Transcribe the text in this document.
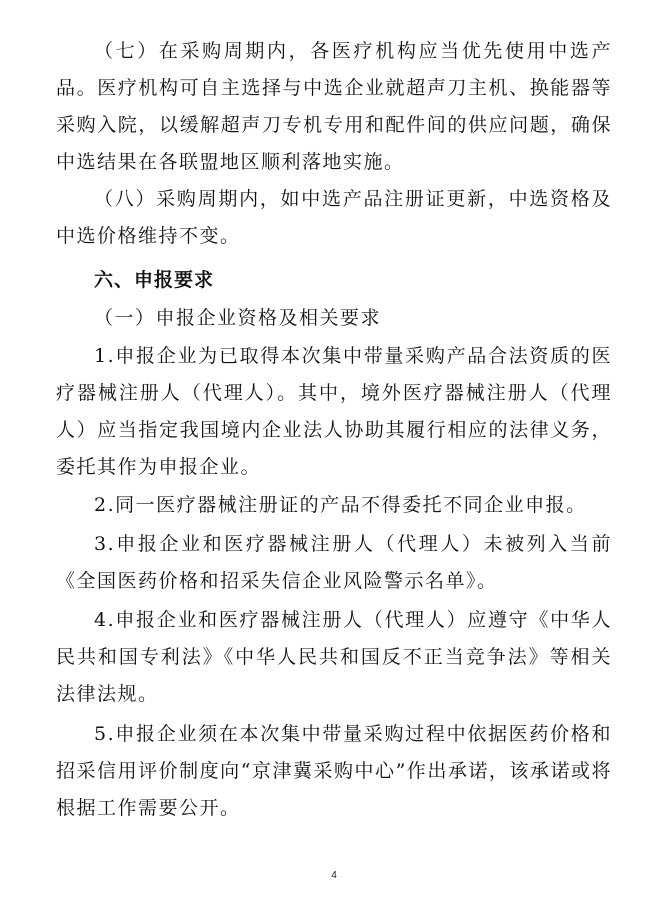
（七）在采购周期内，各医疗机构应当优先使用中选产品。医疗机构可自主选择与中选企业就超声刀主机、换能器等采购入院，以缓解超声刀专机专用和配件间的供应问题，确保中选结果在各联盟地区顺利落地实施。

（八）采购周期内，如中选产品注册证更新，中选资格及中选价格维持不变。

六、申报要求

（一）申报企业资格及相关要求

1.申报企业为已取得本次集中带量采购产品合法资质的医疗器械注册人（代理人）。其中，境外医疗器械注册人（代理人）应当指定我国境内企业法人协助其履行相应的法律义务，委托其作为申报企业。

2.同一医疗器械注册证的产品不得委托不同企业申报。

3.申报企业和医疗器械注册人（代理人）未被列入当前《全国医药价格和招采失信企业风险警示名单》。

4.申报企业和医疗器械注册人（代理人）应遵守《中华人民共和国专利法》《中华人民共和国反不正当竞争法》等相关法律法规。

5.申报企业须在本次集中带量采购过程中依据医药价格和招采信用评价制度向“京津冀采购中心”作出承诺，该承诺或将根据工作需要公开。

4
